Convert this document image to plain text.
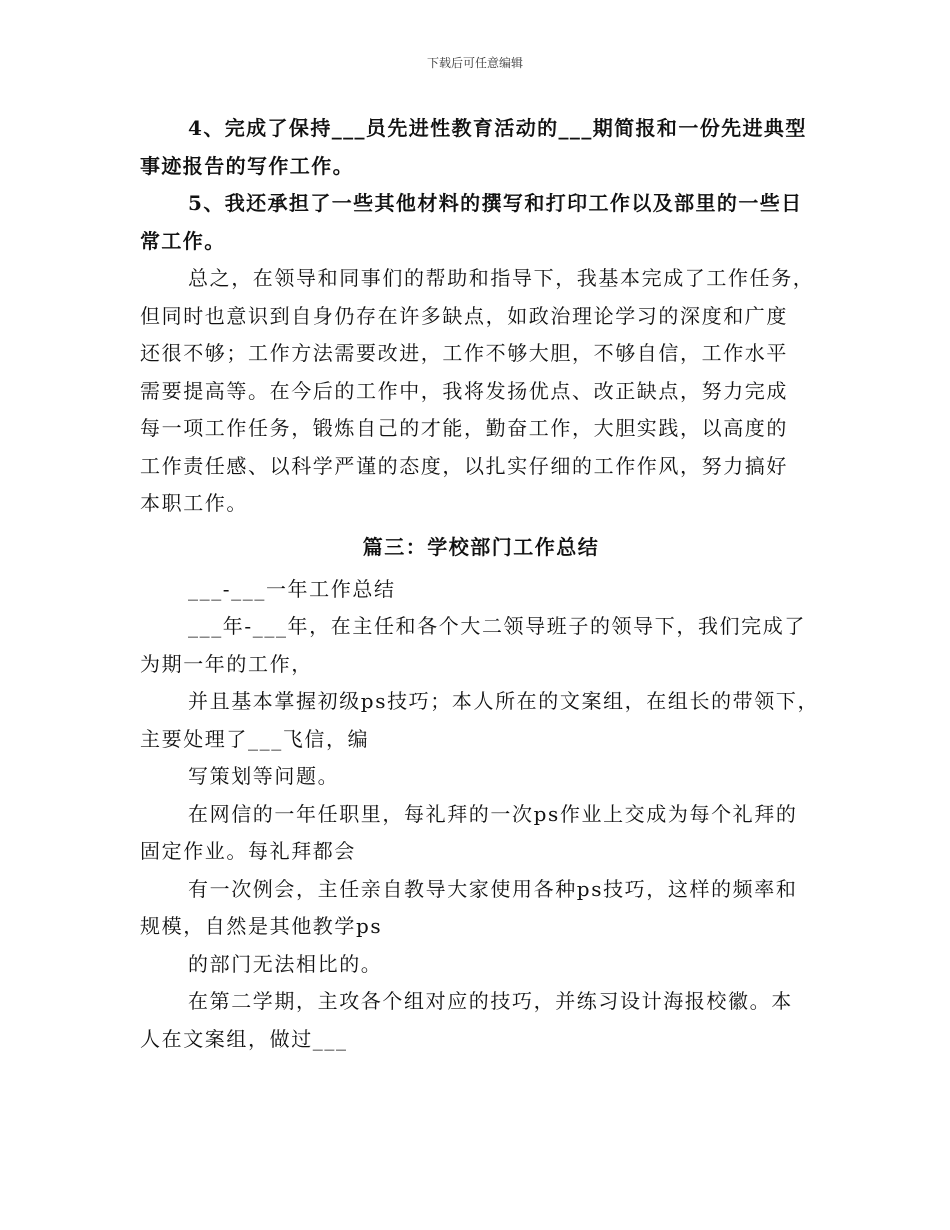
下载后可任意编辑

4、完成了保持___员先进性教育活动的___期简报和一份先进典型

事迹报告的写作工作。

5、我还承担了一些其他材料的撰写和打印工作以及部里的一些日

常工作。

总之，在领导和同事们的帮助和指导下，我基本完成了工作任务，

但同时也意识到自身仍存在许多缺点，如政治理论学习的深度和广度

还很不够；工作方法需要改进，工作不够大胆，不够自信，工作水平

需要提高等。在今后的工作中，我将发扬优点、改正缺点，努力完成

每一项工作任务，锻炼自己的才能，勤奋工作，大胆实践，以高度的

工作责任感、以科学严谨的态度，以扎实仔细的工作作风，努力搞好

本职工作。

篇三：学校部门工作总结

___-___一年工作总结

___年-___年，在主任和各个大二领导班子的领导下，我们完成了

为期一年的工作，

并且基本掌握初级ps技巧；本人所在的文案组，在组长的带领下，

主要处理了___飞信，编

写策划等问题。

在网信的一年任职里，每礼拜的一次ps作业上交成为每个礼拜的

固定作业。每礼拜都会

有一次例会，主任亲自教导大家使用各种ps技巧，这样的频率和

规模，自然是其他教学ps

的部门无法相比的。

在第二学期，主攻各个组对应的技巧，并练习设计海报校徽。本

人在文案组，做过___
